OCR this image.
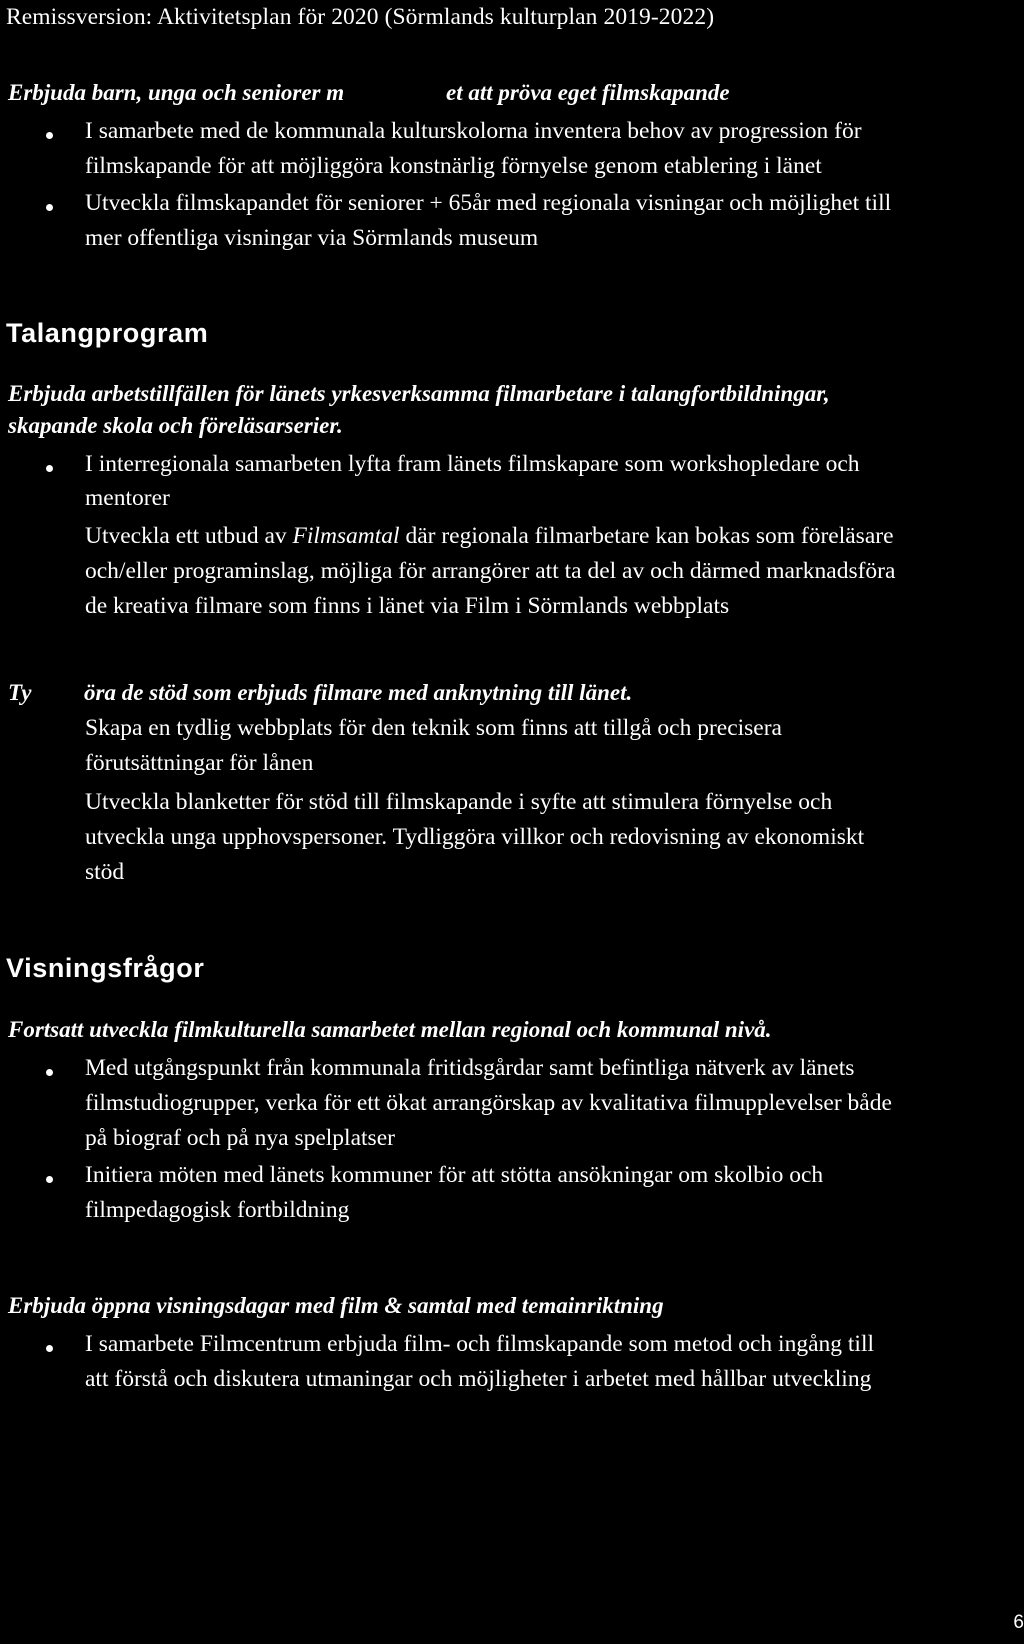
Remissversion: Aktivitetsplan för 2020 (Sörmlands kulturplan 2019-2022)
Erbjuda barn, unga och seniorer m	et att pröva eget filmskapande
I samarbete med de kommunala kulturskolorna inventera behov av progression för
filmskapande för att möjliggöra konstnärlig förnyelse genom etablering i länet
Utveckla filmskapandet för seniorer + 65år med regionala visningar och möjlighet till
mer offentliga visningar via Sörmlands museum
Talangprogram
Erbjuda arbetstillfällen för länets yrkesverksamma filmarbetare i talangfortbildningar,
skapande skola och föreläsarserier.
I interregionala samarbeten lyfta fram länets filmskapare som workshopledare och
mentorer
Utveckla ett utbud av Filmsamtal där regionala filmarbetare kan bokas som föreläsare
och/eller programinslag, möjliga för arrangörer att ta del av och därmed marknadsföra
de kreativa filmare som finns i länet via Film i Sörmlands webbplats
Ty öra de stöd som erbjuds filmare med anknytning till länet.
Skapa en tydlig webbplats för den teknik som finns att tillgå och precisera
förutsättningar för lånen
Utveckla blanketter för stöd till filmskapande i syfte att stimulera förnyelse och
utveckla unga upphovspersoner. Tydliggöra villkor och redovisning av ekonomiskt
stöd
Visningsfrågor
Fortsatt utveckla filmkulturella samarbetet mellan regional och kommunal nivå.
Med utgångspunkt från kommunala fritidsgårdar samt befintliga nätverk av länets
filmstudiogrupper, verka för ett ökat arrangörskap av kvalitativa filmupplevelser både
på biograf och på nya spelplatser
Initiera möten med länets kommuner för att stötta ansökningar om skolbio och
filmpedagogisk fortbildning
Erbjuda öppna visningsdagar med film & samtal med temainriktning
I samarbete Filmcentrum erbjuda film- och filmskapande som metod och ingång till
att förstå och diskutera utmaningar och möjligheter i arbetet med hållbar utveckling
6
